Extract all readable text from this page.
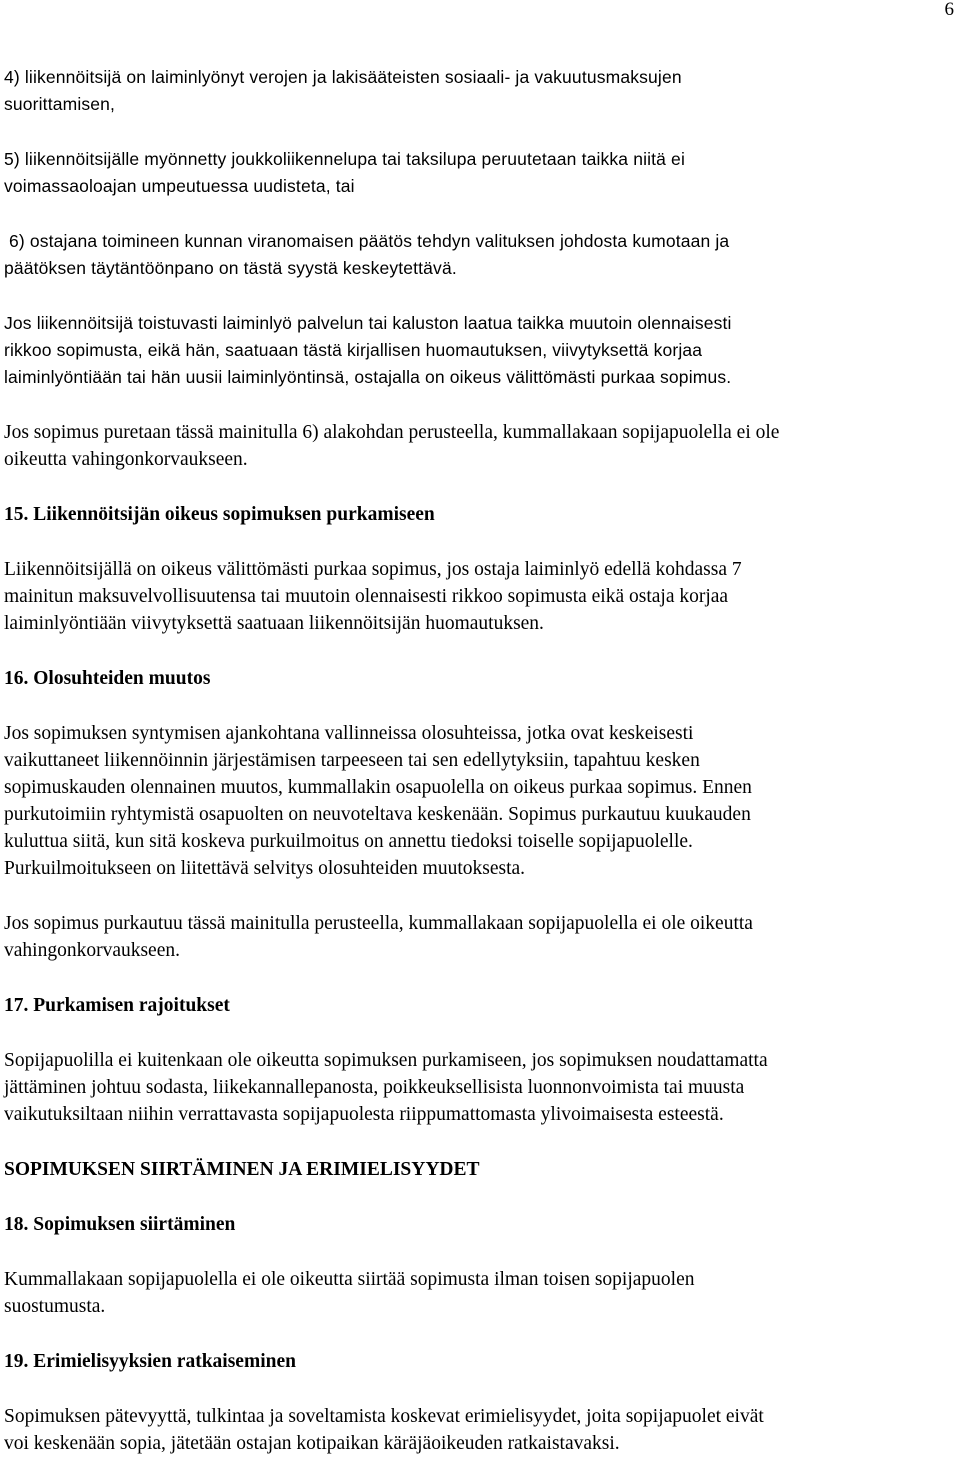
6
4) liikennöitsijä on laiminlyönyt verojen ja lakisääteisten sosiaali- ja vakuutusmaksujen
suorittamisen,
5) liikennöitsijälle myönnetty joukkoliikennelupa tai taksilupa peruutetaan taikka niitä ei
voimassaoloajan umpeutuessa uudisteta, tai
6) ostajana toimineen kunnan viranomaisen päätös tehdyn valituksen johdosta kumotaan ja
päätöksen täytäntöönpano on tästä syystä keskeytettävä.
Jos liikennöitsijä toistuvasti laiminlyö palvelun tai kaluston laatua taikka muutoin olennaisesti
rikkoo sopimusta, eikä hän, saatuaan tästä kirjallisen huomautuksen, viivytyksettä korjaa
laiminlyöntiään tai hän uusii laiminlyöntinsä, ostajalla on oikeus välittömästi purkaa sopimus.
Jos sopimus puretaan tässä mainitulla 6) alakohdan perusteella, kummallakaan sopijapuolella ei ole
oikeutta vahingonkorvaukseen.
15. Liikennöitsijän oikeus sopimuksen purkamiseen
Liikennöitsijällä on oikeus välittömästi purkaa sopimus, jos ostaja laiminlyö edellä kohdassa 7
mainitun maksuvelvollisuutensa tai muutoin olennaisesti rikkoo sopimusta eikä ostaja korjaa
laiminlyöntiään viivytyksettä saatuaan liikennöitsijän huomautuksen.
16. Olosuhteiden muutos
Jos sopimuksen syntymisen ajankohtana vallinneissa olosuhteissa, jotka ovat keskeisesti
vaikuttaneet liikennöinnin järjestämisen tarpeeseen tai sen edellytyksiin, tapahtuu kesken
sopimuskauden olennainen muutos, kummallakin osapuolella on oikeus purkaa sopimus. Ennen
purkutoimiin ryhtymistä osapuolten on neuvoteltava keskenään. Sopimus purkautuu kuukauden
kuluttua siitä, kun sitä koskeva purkuilmoitus on annettu tiedoksi toiselle sopijapuolelle.
Purkuilmoitukseen on liitettävä selvitys olosuhteiden muutoksesta.
Jos sopimus purkautuu tässä mainitulla perusteella, kummallakaan sopijapuolella ei ole oikeutta
vahingonkorvaukseen.
17. Purkamisen rajoitukset
Sopijapuolilla ei kuitenkaan ole oikeutta sopimuksen purkamiseen, jos sopimuksen noudattamatta
jättäminen johtuu sodasta, liikekannallepanosta, poikkeuksellisista luonnonvoimista tai muusta
vaikutuksiltaan niihin verrattavasta sopijapuolesta riippumattomasta ylivoimaisesta esteestä.
SOPIMUKSEN SIIRTÄMINEN JA ERIMIELISYYDET
18. Sopimuksen siirtäminen
Kummallakaan sopijapuolella ei ole oikeutta siirtää sopimusta ilman toisen sopijapuolen
suostumusta.
19. Erimielisyyksien ratkaiseminen
Sopimuksen pätevyyttä, tulkintaa ja soveltamista koskevat erimielisyydet, joita sopijapuolet eivät
voi keskenään sopia, jätetään ostajan kotipaikan käräjäoikeuden ratkaistavaksi.
